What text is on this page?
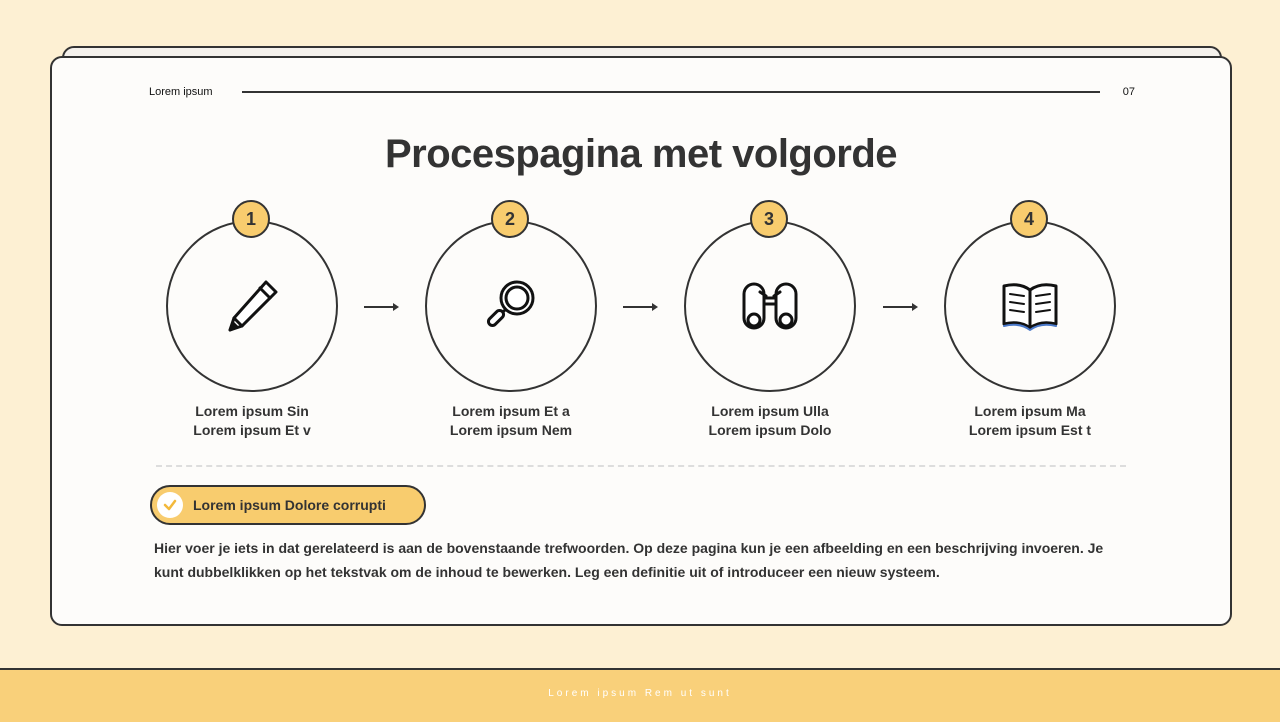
Lorem ipsum	07
Procespagina met volgorde
1
Lorem ipsum Sin
Lorem ipsum Et v
2
Lorem ipsum Et a
Lorem ipsum Nem
3
Lorem ipsum Ulla
Lorem ipsum Dolo
4
Lorem ipsum Ma
Lorem ipsum Est t
Lorem ipsum Dolore corrupti
Hier voer je iets in dat gerelateerd is aan de bovenstaande trefwoorden. Op deze pagina kun je een afbeelding en een beschrijving invoeren. Je kunt dubbelklikken op het tekstvak om de inhoud te bewerken. Leg een definitie uit of introduceer een nieuw systeem.
Lorem ipsum Rem ut sunt
